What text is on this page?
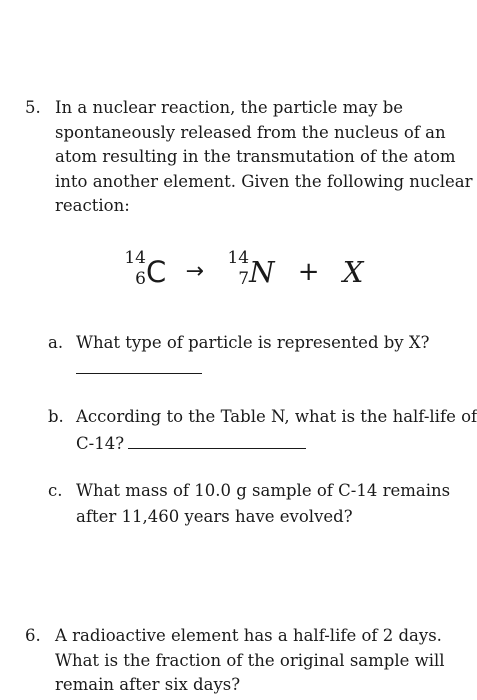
5. In a nuclear reaction, the particle may be
spontaneously released from the nucleus of an
atom resulting in the transmutation of the atom
into another element. Given the following nuclear
reaction:
14
6 C →
14
7 N + X
a. What type of particle is represented by X?
b. According to the Table N, what is the half-life of
C-14?
c. What mass of 10.0 g sample of C-14 remains
after 11,460 years have evolved?
6. A radioactive element has a half-life of 2 days.
What is the fraction of the original sample will
remain after six days?
